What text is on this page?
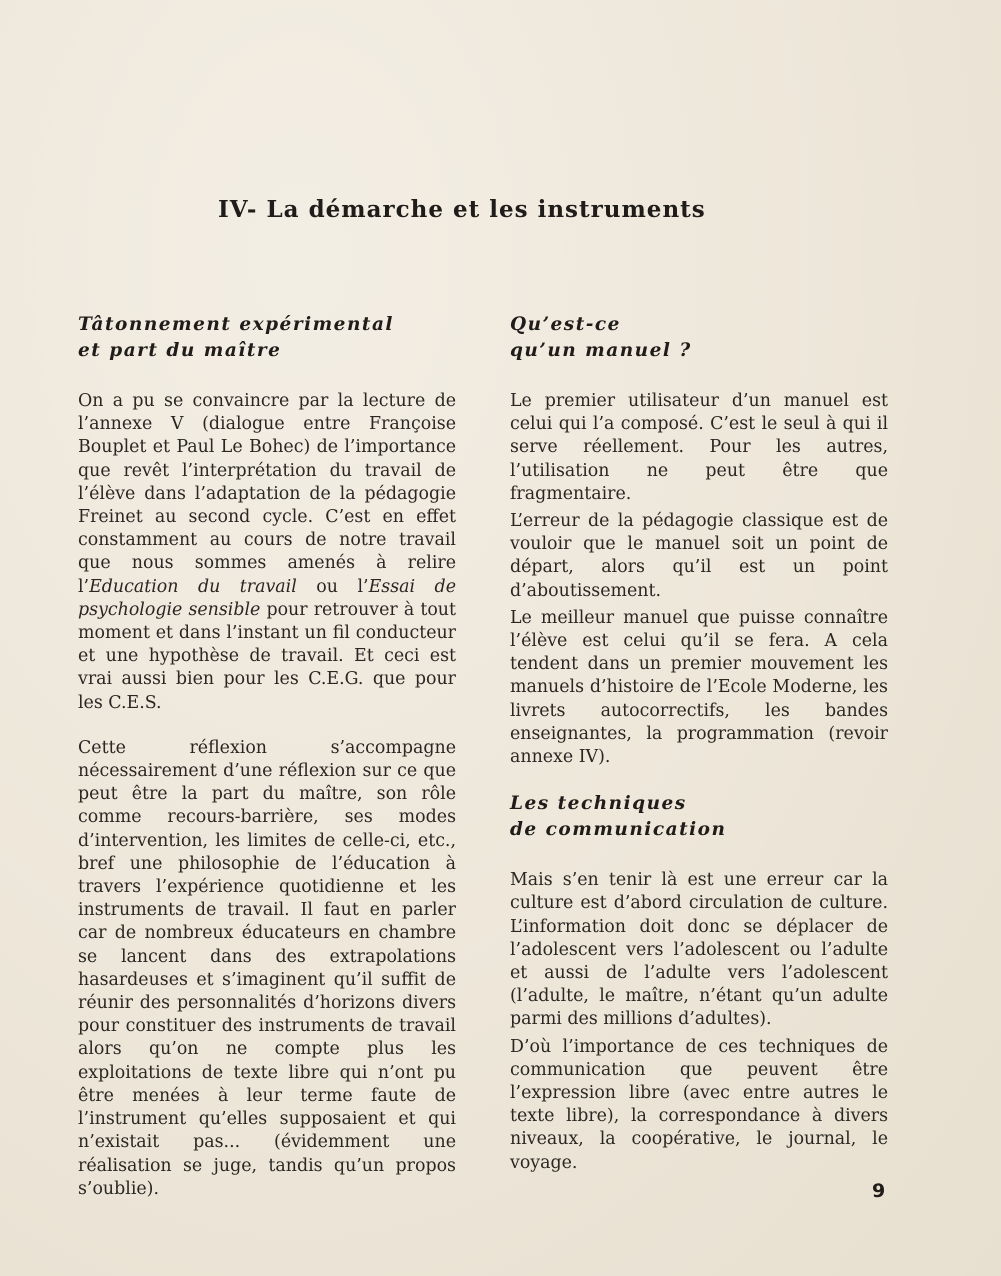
IV- La démarche et les instruments

Tâtonnement expérimental
et part du maître

On a pu se convaincre par la lecture de l’annexe V (dialogue entre Françoise Bouplet et Paul Le Bohec) de l’importance que revêt l’interprétation du travail de l’élève dans l’adaptation de la pédagogie Freinet au second cycle. C’est en effet constamment au cours de notre travail que nous sommes amenés à relire l’Education du travail ou l’Essai de psychologie sensible pour retrouver à tout moment et dans l’instant un fil conducteur et une hypothèse de travail. Et ceci est vrai aussi bien pour les C.E.G. que pour les C.E.S.

Cette réflexion s’accompagne nécessairement d’une réflexion sur ce que peut être la part du maître, son rôle comme recours-barrière, ses modes d’intervention, les limites de celle-ci, etc., bref une philosophie de l’éducation à travers l’expérience quotidienne et les instruments de travail. Il faut en parler car de nombreux éducateurs en chambre se lancent dans des extrapolations hasardeuses et s’imaginent qu’il suffit de réunir des personnalités d’horizons divers pour constituer des instruments de travail alors qu’on ne compte plus les exploitations de texte libre qui n’ont pu être menées à leur terme faute de l’instrument qu’elles supposaient et qui n’existait pas... (évidemment une réalisation se juge, tandis qu’un propos s’oublie).

Qu’est-ce
qu’un manuel ?

Le premier utilisateur d’un manuel est celui qui l’a composé. C’est le seul à qui il serve réellement. Pour les autres, l’utilisation ne peut être que fragmentaire.

L’erreur de la pédagogie classique est de vouloir que le manuel soit un point de départ, alors qu’il est un point d’aboutissement.

Le meilleur manuel que puisse connaître l’élève est celui qu’il se fera. A cela tendent dans un premier mouvement les manuels d’histoire de l’Ecole Moderne, les livrets autocorrectifs, les bandes enseignantes, la programmation (revoir annexe IV).

Les techniques
de communication

Mais s’en tenir là est une erreur car la culture est d’abord circulation de culture. L’information doit donc se déplacer de l’adolescent vers l’adolescent ou l’adulte et aussi de l’adulte vers l’adolescent (l’adulte, le maître, n’étant qu’un adulte parmi des millions d’adultes).

D’où l’importance de ces techniques de communication que peuvent être l’expression libre (avec entre autres le texte libre), la correspondance à divers niveaux, la coopérative, le journal, le voyage.

9
